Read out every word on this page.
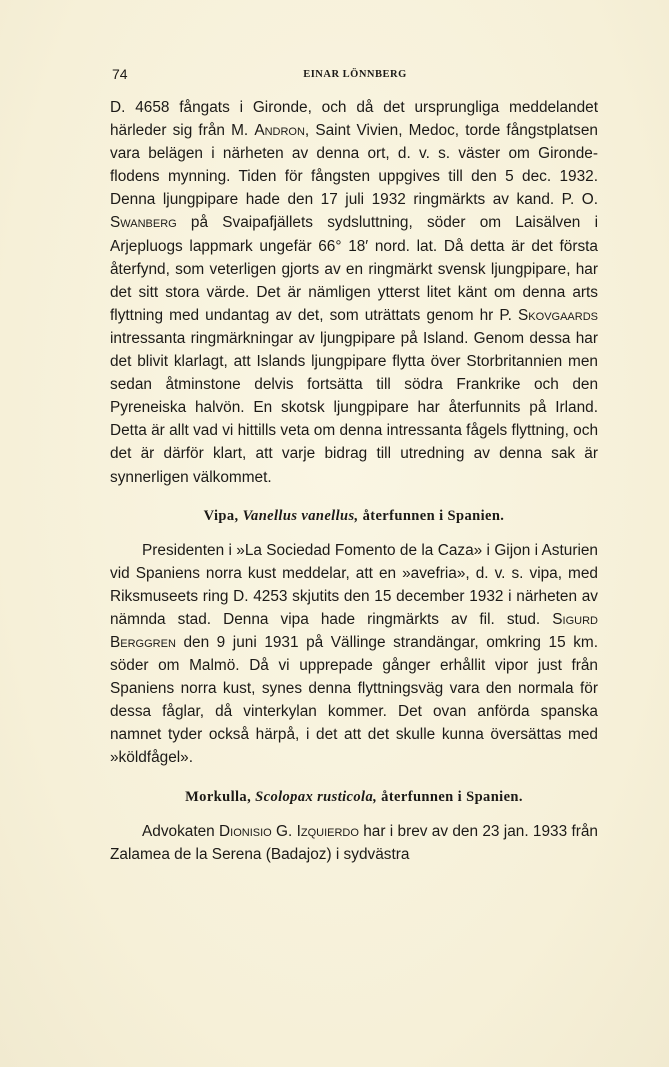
74	EINAR LÖNNBERG

D. 4658 fångats i Gironde, och då det ursprungliga meddelandet härleder sig från M. Andron, Saint Vivien, Medoc, torde fångstplatsen vara belägen i närheten av denna ort, d. v. s. väster om Gironde-flodens mynning. Tiden för fångsten uppgives till den 5 dec. 1932. Denna ljungpipare hade den 17 juli 1932 ringmärkts av kand. P. O. Swanberg på Svaipafjällets sydsluttning, söder om Laisälven i Arjepluogs lappmark ungefär 66° 18′ nord. lat. Då detta är det första återfynd, som veterligen gjorts av en ringmärkt svensk ljungpipare, har det sitt stora värde. Det är nämligen ytterst litet känt om denna arts flyttning med undantag av det, som uträttats genom hr P. Skovgaards intressanta ringmärkningar av ljungpipare på Island. Genom dessa har det blivit klarlagt, att Islands ljungpipare flytta över Storbritannien men sedan åtminstone delvis fortsätta till södra Frankrike och den Pyreneiska halvön. En skotsk ljungpipare har återfunnits på Irland. Detta är allt vad vi hittills veta om denna intressanta fågels flyttning, och det är därför klart, att varje bidrag till utredning av denna sak är synnerligen välkommet.

Vipa, Vanellus vanellus, återfunnen i Spanien.

Presidenten i »La Sociedad Fomento de la Caza» i Gijon i Asturien vid Spaniens norra kust meddelar, att en »avefria», d. v. s. vipa, med Riksmuseets ring D. 4253 skjutits den 15 december 1932 i närheten av nämnda stad. Denna vipa hade ringmärkts av fil. stud. Sigurd Berggren den 9 juni 1931 på Vällinge strandängar, omkring 15 km. söder om Malmö. Då vi upprepade gånger erhållit vipor just från Spaniens norra kust, synes denna flyttningsväg vara den normala för dessa fåglar, då vinterkylan kommer. Det ovan anförda spanska namnet tyder också härpå, i det att det skulle kunna översättas med »köldfågel».

Morkulla, Scolopax rusticola, återfunnen i Spanien.

Advokaten Dionisio G. Izquierdo har i brev av den 23 jan. 1933 från Zalamea de la Serena (Badajoz) i sydvästra
